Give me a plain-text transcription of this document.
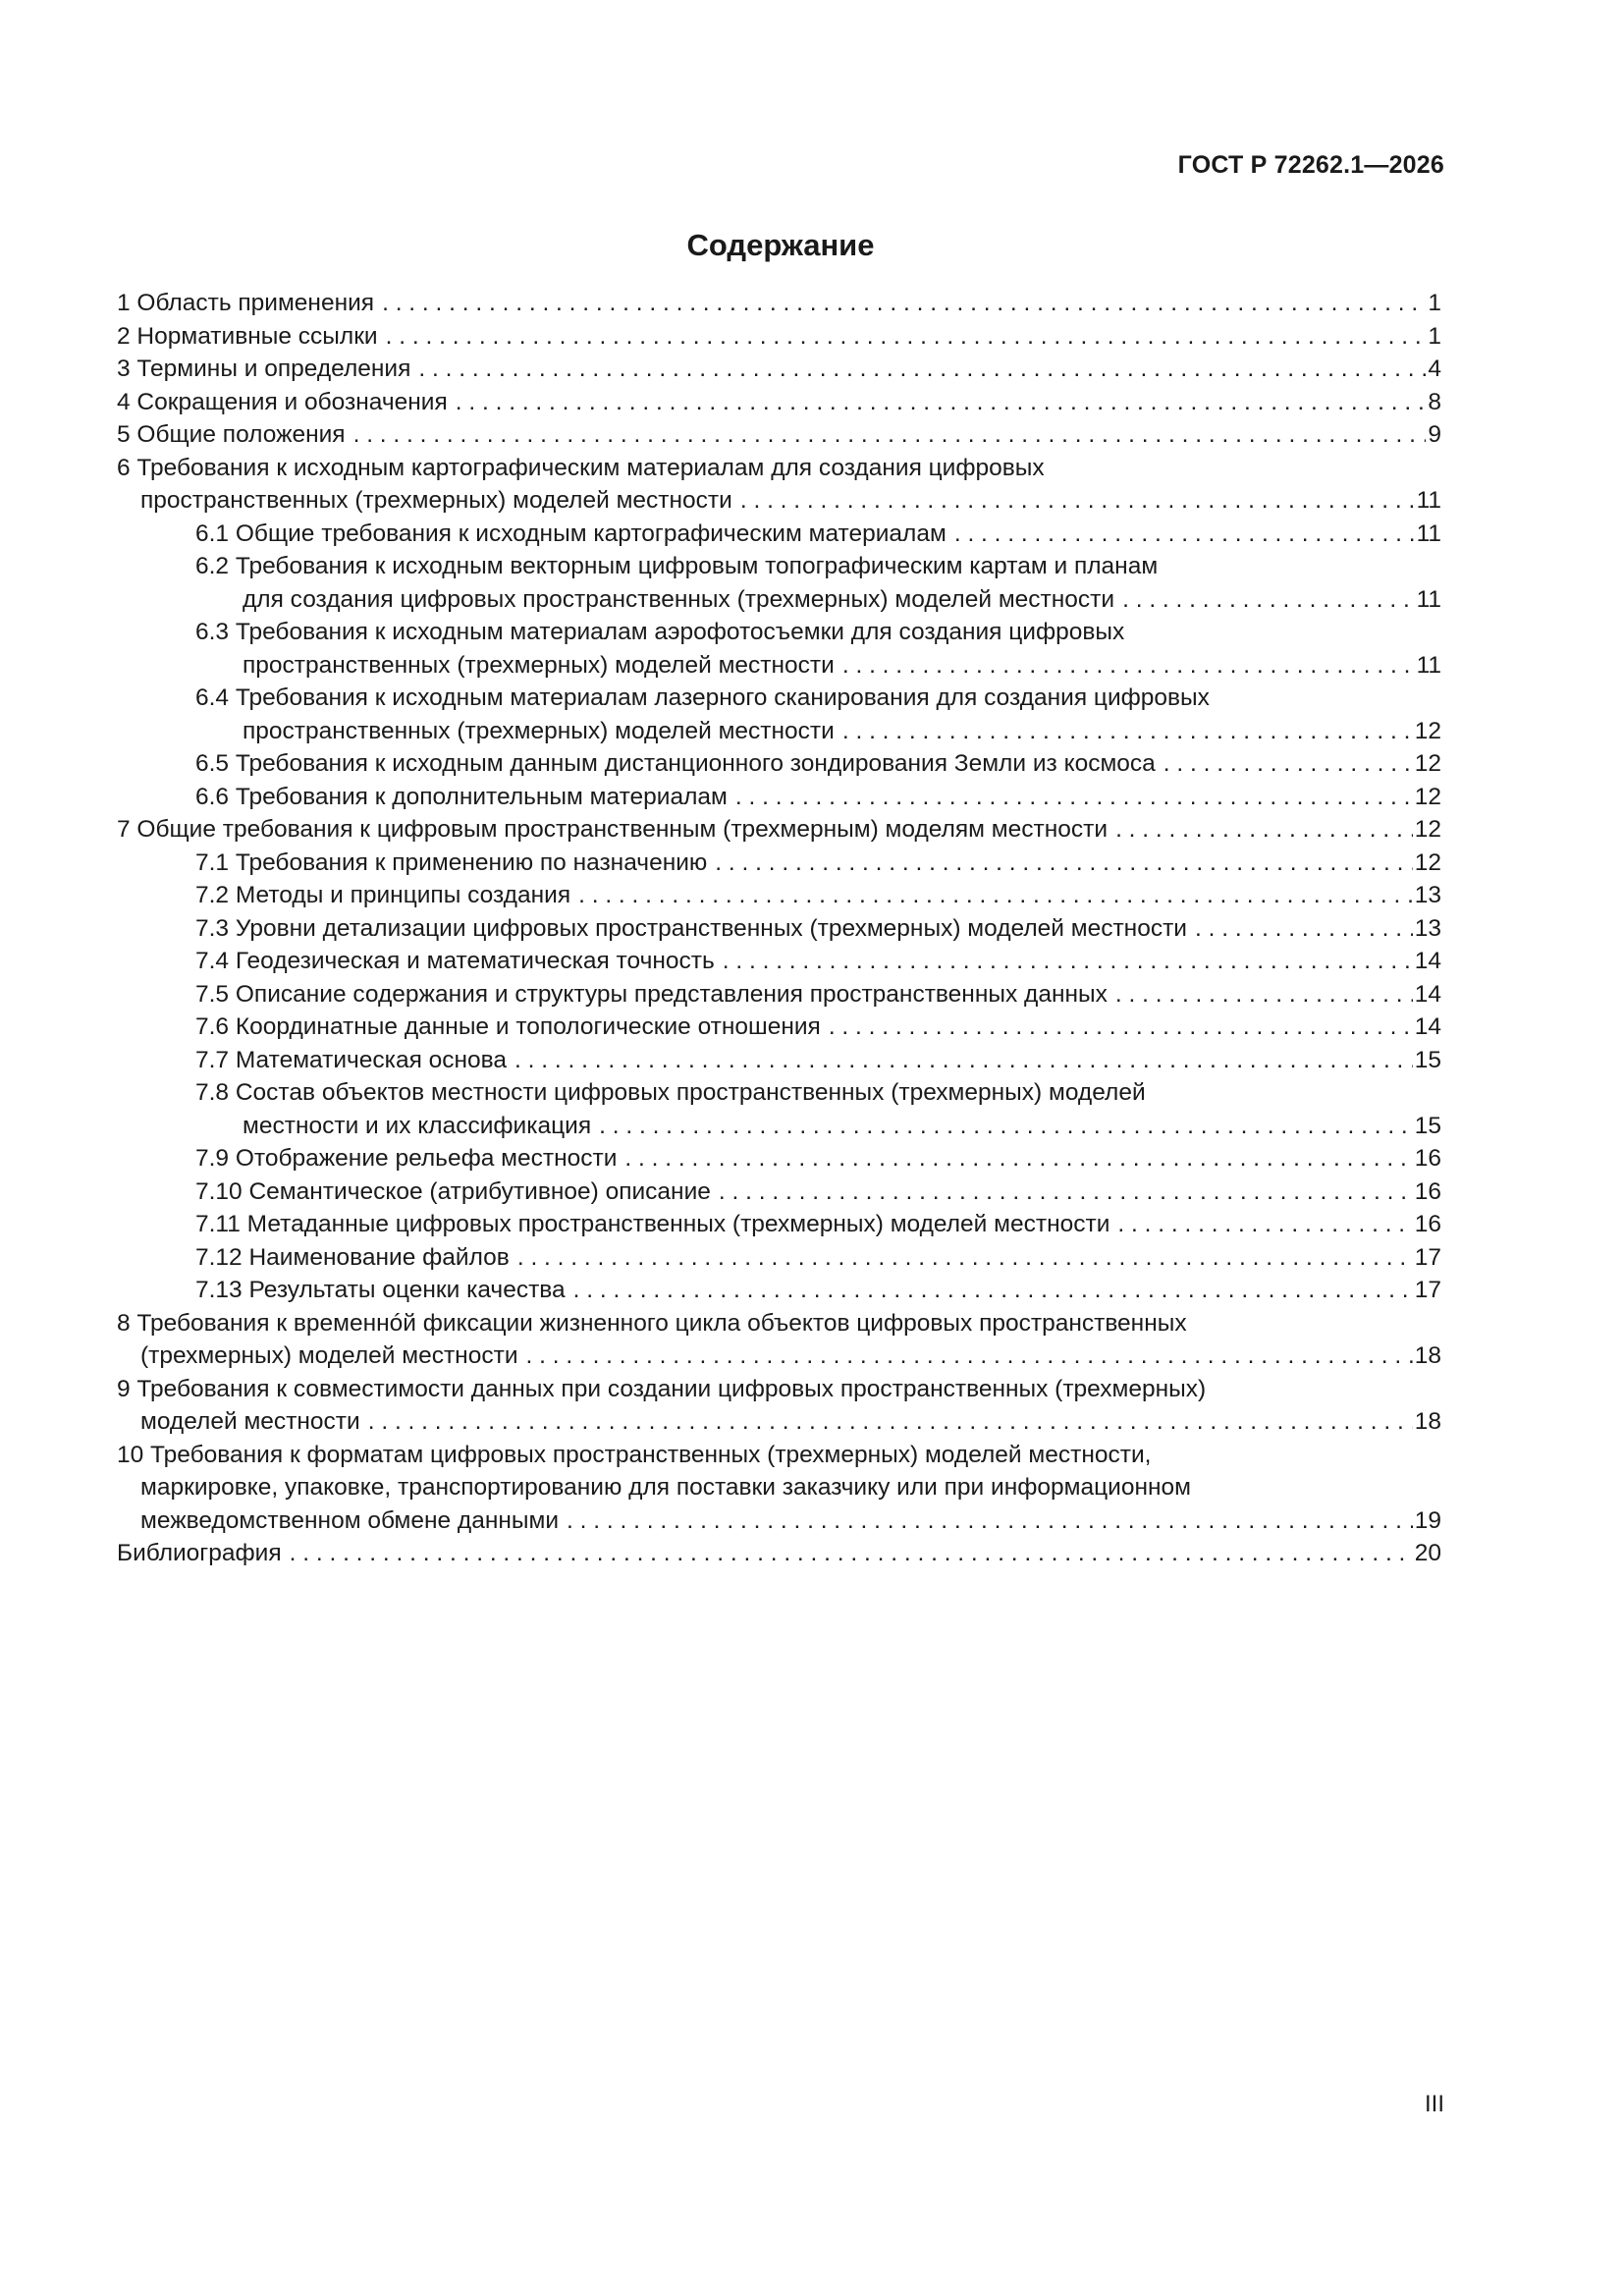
ГОСТ Р 72262.1—2026
Содержание
1 Область применения . . .	1
2 Нормативные ссылки . . .	1
3 Термины и определения . . .	4
4 Сокращения и обозначения . . .	8
5 Общие положения . . .	9
6 Требования к исходным картографическим материалам для создания цифровых
пространственных (трехмерных) моделей местности . . .	11
6.1 Общие требования к исходным картографическим материалам . . .	11
6.2 Требования к исходным векторным цифровым топографическим картам и планам
для создания цифровых пространственных (трехмерных) моделей местности . . .	11
6.3 Требования к исходным материалам аэрофотосъемки для создания цифровых
пространственных (трехмерных) моделей местности . . .	11
6.4 Требования к исходным материалам лазерного сканирования для создания цифровых
пространственных (трехмерных) моделей местности . . .	12
6.5 Требования к исходным данным дистанционного зондирования Земли из космоса . . .	12
6.6 Требования к дополнительным материалам . . .	12
7 Общие требования к цифровым пространственным (трехмерным) моделям местности . . .	12
7.1 Требования к применению по назначению . . .	12
7.2 Методы и принципы создания . . .	13
7.3 Уровни детализации цифровых пространственных (трехмерных) моделей местности . . .	13
7.4 Геодезическая и математическая точность . . .	14
7.5 Описание содержания и структуры представления пространственных данных . . .	14
7.6 Координатные данные и топологические отношения . . .	14
7.7 Математическая основа . . .	15
7.8 Состав объектов местности цифровых пространственных (трехмерных) моделей
местности и их классификация . . .	15
7.9 Отображение рельефа местности . . .	16
7.10 Семантическое (атрибутивное) описание . . .	16
7.11 Метаданные цифровых пространственных (трехмерных) моделей местности . . .	16
7.12 Наименование файлов . . .	17
7.13 Результаты оценки качества . . .	17
8 Требования к временнóй фиксации жизненного цикла объектов цифровых пространственных
(трехмерных) моделей местности . . .	18
9 Требования к совместимости данных при создании цифровых пространственных (трехмерных)
моделей местности . . .	18
10 Требования к форматам цифровых пространственных (трехмерных) моделей местности,
маркировке, упаковке, транспортированию для поставки заказчику или при информационном
межведомственном обмене данными . . .	19
Библиография . . .	20
III
